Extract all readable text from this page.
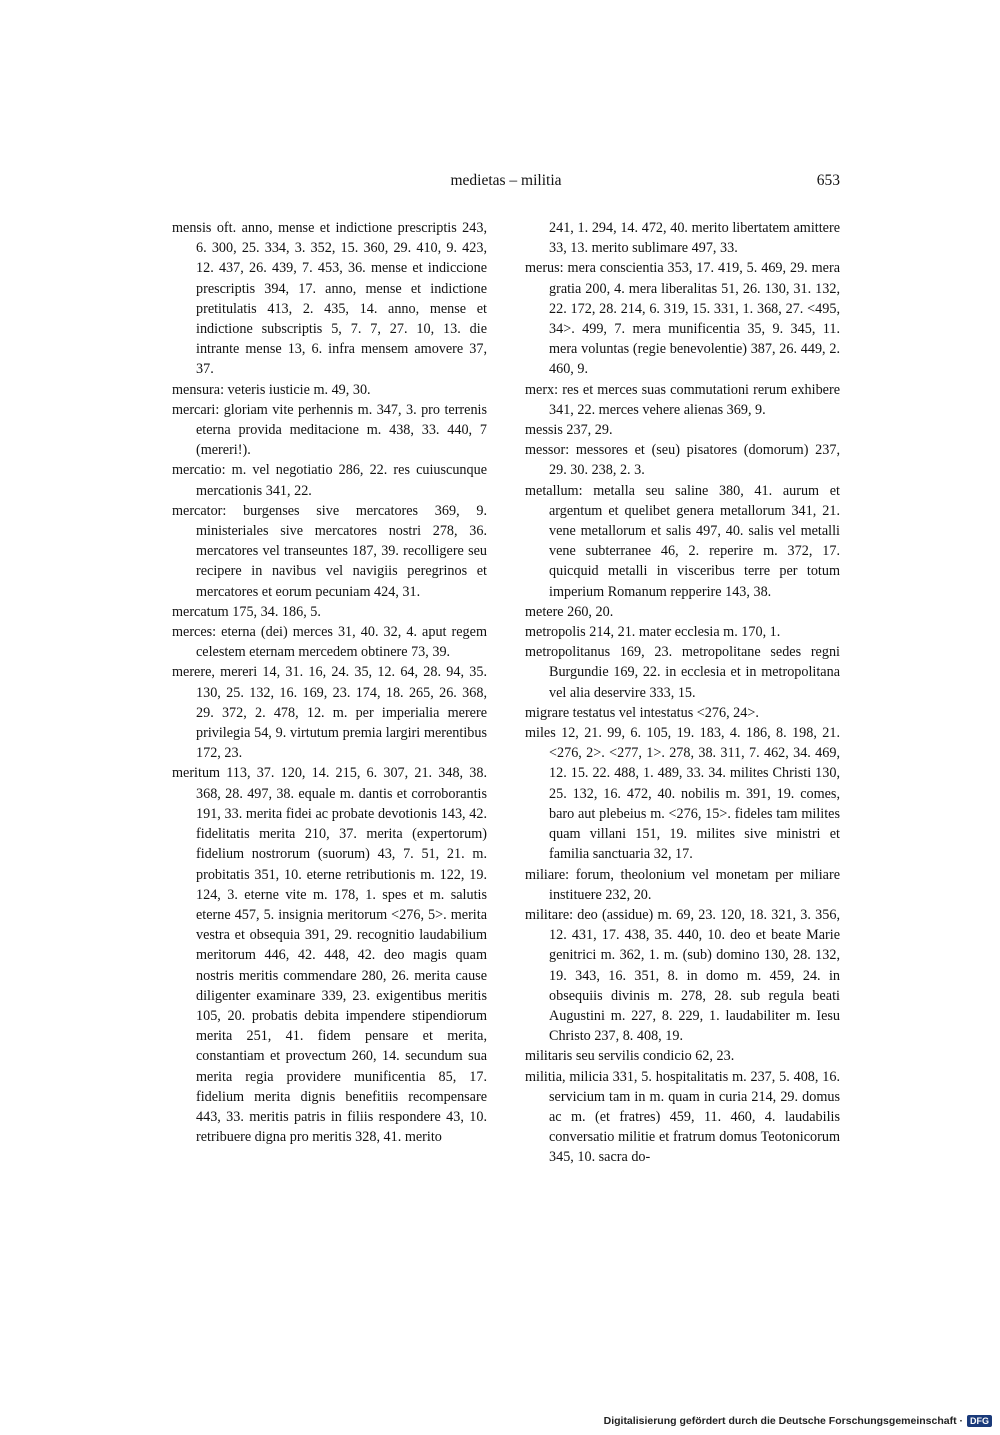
medietas – militia	653

mensis oft. anno, mense et indictione prescriptis 243, 6. 300, 25. 334, 3. 352, 15. 360, 29. 410, 9. 423, 12. 437, 26. 439, 7. 453, 36. mense et indiccione prescriptis 394, 17. anno, mense et indictione pretitulatis 413, 2. 435, 14. anno, mense et indictione subscriptis 5, 7. 7, 27. 10, 13. die intrante mense 13, 6. infra mensem amovere 37, 37.

mensura: veteris iusticie m. 49, 30.

mercari: gloriam vite perhennis m. 347, 3. pro terrenis eterna provida meditacione m. 438, 33. 440, 7 (mereri!).

mercatio: m. vel negotiatio 286, 22. res cuiuscunque mercationis 341, 22.

mercator: burgenses sive mercatores 369, 9. ministeriales sive mercatores nostri 278, 36. mercatores vel transeuntes 187, 39. recolligere seu recipere in navibus vel navigiis peregrinos et mercatores et eorum pecuniam 424, 31.

mercatum 175, 34. 186, 5.

merces: eterna (dei) merces 31, 40. 32, 4. aput regem celestem eternam mercedem obtinere 73, 39.

merere, mereri 14, 31. 16, 24. 35, 12. 64, 28. 94, 35. 130, 25. 132, 16. 169, 23. 174, 18. 265, 26. 368, 29. 372, 2. 478, 12. m. per imperialia merere privilegia 54, 9. virtutum premia largiri merentibus 172, 23.

meritum 113, 37. 120, 14. 215, 6. 307, 21. 348, 38. 368, 28. 497, 38. equale m. dantis et corroborantis 191, 33. merita fidei ac probate devotionis 143, 42. fidelitatis merita 210, 37. merita (expertorum) fidelium nostrorum (suorum) 43, 7. 51, 21. m. probitatis 351, 10. eterne retributionis m. 122, 19. 124, 3. eterne vite m. 178, 1. spes et m. salutis eterne 457, 5. insignia meritorum <276, 5>. merita vestra et obsequia 391, 29. recognitio laudabilium meritorum 446, 42. 448, 42. deo magis quam nostris meritis commendare 280, 26. merita cause diligenter examinare 339, 23. exigentibus meritis 105, 20. probatis debita impendere stipendiorum merita 251, 41. fidem pensare et merita, constantiam et provectum 260, 14. secundum sua merita regia providere munificentia 85, 17. fidelium merita dignis benefitiis recompensare 443, 33. meritis patris in filiis respondere 43, 10. retribuere digna pro meritis 328, 41. merito

241, 1. 294, 14. 472, 40. merito libertatem amittere 33, 13. merito sublimare 497, 33.

merus: mera conscientia 353, 17. 419, 5. 469, 29. mera gratia 200, 4. mera liberalitas 51, 26. 130, 31. 132, 22. 172, 28. 214, 6. 319, 15. 331, 1. 368, 27. <495, 34>. 499, 7. mera munificentia 35, 9. 345, 11. mera voluntas (regie benevolentie) 387, 26. 449, 2. 460, 9.

merx: res et merces suas commutationi rerum exhibere 341, 22. merces vehere alienas 369, 9.

messis 237, 29.

messor: messores et (seu) pisatores (domorum) 237, 29. 30. 238, 2. 3.

metallum: metalla seu saline 380, 41. aurum et argentum et quelibet genera metallorum 341, 21. vene metallorum et salis 497, 40. salis vel metalli vene subterranee 46, 2. reperire m. 372, 17. quicquid metalli in visceribus terre per totum imperium Romanum repperire 143, 38.

metere 260, 20.

metropolis 214, 21. mater ecclesia m. 170, 1.

metropolitanus 169, 23. metropolitane sedes regni Burgundie 169, 22. in ecclesia et in metropolitana vel alia deservire 333, 15.

migrare testatus vel intestatus <276, 24>.

miles 12, 21. 99, 6. 105, 19. 183, 4. 186, 8. 198, 21. <276, 2>. <277, 1>. 278, 38. 311, 7. 462, 34. 469, 12. 15. 22. 488, 1. 489, 33. 34. milites Christi 130, 25. 132, 16. 472, 40. nobilis m. 391, 19. comes, baro aut plebeius m. <276, 15>. fideles tam milites quam villani 151, 19. milites sive ministri et familia sanctuaria 32, 17.

miliare: forum, theolonium vel monetam per miliare instituere 232, 20.

militare: deo (assidue) m. 69, 23. 120, 18. 321, 3. 356, 12. 431, 17. 438, 35. 440, 10. deo et beate Marie genitrici m. 362, 1. m. (sub) domino 130, 28. 132, 19. 343, 16. 351, 8. in domo m. 459, 24. in obsequiis divinis m. 278, 28. sub regula beati Augustini m. 227, 8. 229, 1. laudabiliter m. Iesu Christo 237, 8. 408, 19.

militaris seu servilis condicio 62, 23.

militia, milicia 331, 5. hospitalitatis m. 237, 5. 408, 16. servicium tam in m. quam in curia 214, 29. domus ac m. (et fratres) 459, 11. 460, 4. laudabilis conversatio militie et fratrum domus Teotonicorum 345, 10. sacra do-

Digitalisierung gefördert durch die Deutsche Forschungsgemeinschaft · DFG
